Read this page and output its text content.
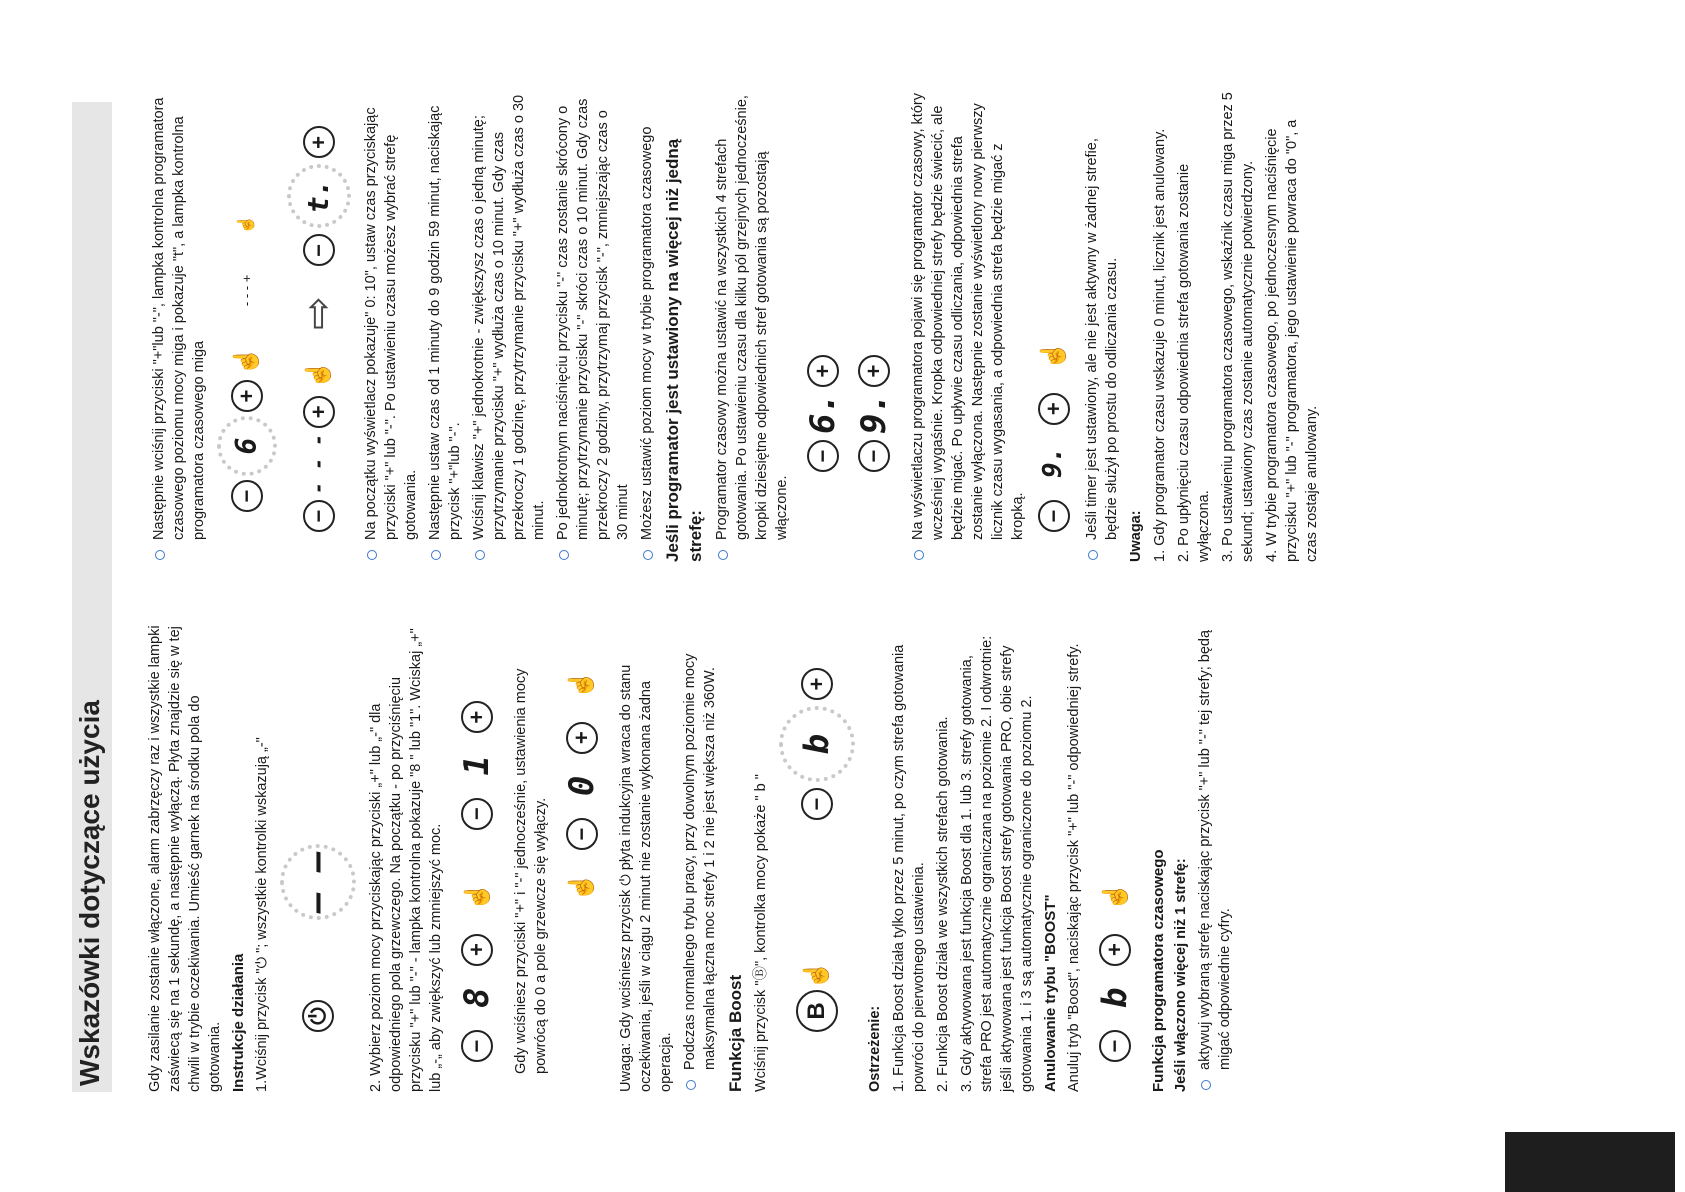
Wskazówki dotyczące użycia	Gdy zasilanie zostanie włączone, alarm zabrzęczy raz i wszystkie lampki zaświecą się na 1 sekundę, a następnie wyłączą. Płyta znajdzie się w tej chwili w trybie oczekiwania. Umieść garnek na środku pola do gotowania. Instrukcje działania 1.Wciśnij przycisk "⏻ "; wszystkie kontrolki wskazują „-" ⏻
– – 2. Wybierz poziom mocy przyciskając przyciski „+" lub „-" dla odpowiedniego pola grzewczego. Na początku - po przyciśnięciu przycisku "+" lub "-" - lampka kontrolna pokazuje "8 " lub "1". Wciskaj „+" lub „-„ aby zwiększyć lub zmniejszyć moc. −
8
+
☝
−
1
+ Gdy wciśniesz przyciski "+" i "-" jednocześnie, ustawienia mocy powrócą do 0 a pole grzewcze się wyłączy. ☝
−
0
+
☝ Uwaga: Gdy wciśniesz przycisk ⏻ płyta indukcyjna wraca do stanu oczekiwania, jeśli w ciągu 2 minut nie zostanie wykonana żadna operacja. Podczas normalnego trybu pracy, przy dowolnym poziomie mocy maksymalna łączna moc strefy 1 i 2 nie jest większa niż 360W. Funkcja Boost Wciśnij przycisk "Ⓑ", kontrolka mocy pokaże " b " B☝
−
b
+

Ostrzeżenie: 1. Funkcja Boost działa tylko przez 5 minut, po czym strefa gotowania powróci do pierwotnego ustawienia. 2. Funkcja Boost działa we wszystkich strefach gotowania. 3. Gdy aktywowana jest funkcja Boost dla 1. lub 3. strefy gotowania, strefa PRO jest automatycznie ograniczana na poziomie 2. I odwrotnie: jeśli aktywowana jest funkcja Boost strefy gotowania PRO, obie strefy gotowania 1. i 3 są automatycznie ograniczone do poziomu 2. Anulowanie trybu "BOOST" Anuluj tryb "Boost", naciskając przycisk "+" lub "-" odpowiedniej strefy. −
b
+
☝ Funkcja programatora czasowego Jeśli włączono więcej niż 1 strefę: aktywuj wybraną strefę naciskając przycisk "+" lub "-" tej strefy; będą migać odpowiednie cyfry.
Następnie wciśnij przyciski "+"lub "-", lampka kontrolna programatora czasowego poziomu mocy miga i pokazuje "t", a lampka kontrolna programatora czasowego miga −
6
+
☝
- - - +
☝
−
- - -
+
☝
⇨
−
t.
+ Na początku wyświetlacz pokazuje" 0: 10", ustaw czas przyciskając przyciski "+" lub "-". Po ustawieniu czasu możesz wybrać strefę gotowania. Następnie ustaw czas od 1 minuty do 9 godzin 59 minut, naciskając przycisk "+"lub "-". Wciśnij klawisz "+" jednokrotnie - zwiększysz czas o jedną minutę; przytrzymanie przycisku "+" wydłuża czas o 10 minut. Gdy czas przekroczy 1 godzinę, przytrzymanie przycisku "+" wydłuża czas o 30 minut. Po jednokrotnym naciśnięciu przycisku "-" czas zostanie skrócony o minutę; przytrzymanie przycisku "-" skróci czas o 10 minut. Gdy czas przekroczy 2 godziny, przytrzymaj przycisk "-", zmniejszając czas o 30 minut Możesz ustawić poziom mocy w trybie programatora czasowego Jeśli programator jest ustawiony na więcej niż jedną strefę: Programator czasowy można ustawić na wszystkich 4 strefach gotowania. Po ustawieniu czasu dla kilku pól grzejnych jednocześnie, kropki dziesiętne odpowiednich stref gotowania są pozostają włączone.
−
6.
+
−
9.
+ Na wyświetlaczu programatora pojawi się programator czasowy, który wcześniej wygaśnie. Kropka odpowiedniej strefy będzie świecić, ale będzie migać. Po upływie czasu odliczania, odpowiednia strefa zostanie wyłączona. Następnie zostanie wyświetlony nowy pierwszy licznik czasu wygasania, a odpowiednia strefa będzie migać z kropką. −
9.
+
☝ Jeśli timer jest ustawiony, ale nie jest aktywny w żadnej strefie, będzie służył po prostu do odliczania czasu. Uwaga: 1. Gdy programator czasu wskazuje 0 minut, licznik jest anulowany. 2. Po upłynięciu czasu odpowiednia strefa gotowania zostanie wyłączona. 3. Po ustawieniu programatora czasowego, wskaźnik czasu miga przez 5 sekund; ustawiony czas zostanie automatycznie potwierdzony. 4. W trybie programatora czasowego, po jednoczesnym naciśnięcie przycisku "+" lub "-" programatora, jego ustawienie powraca do "0", a czas zostaje anulowany.
